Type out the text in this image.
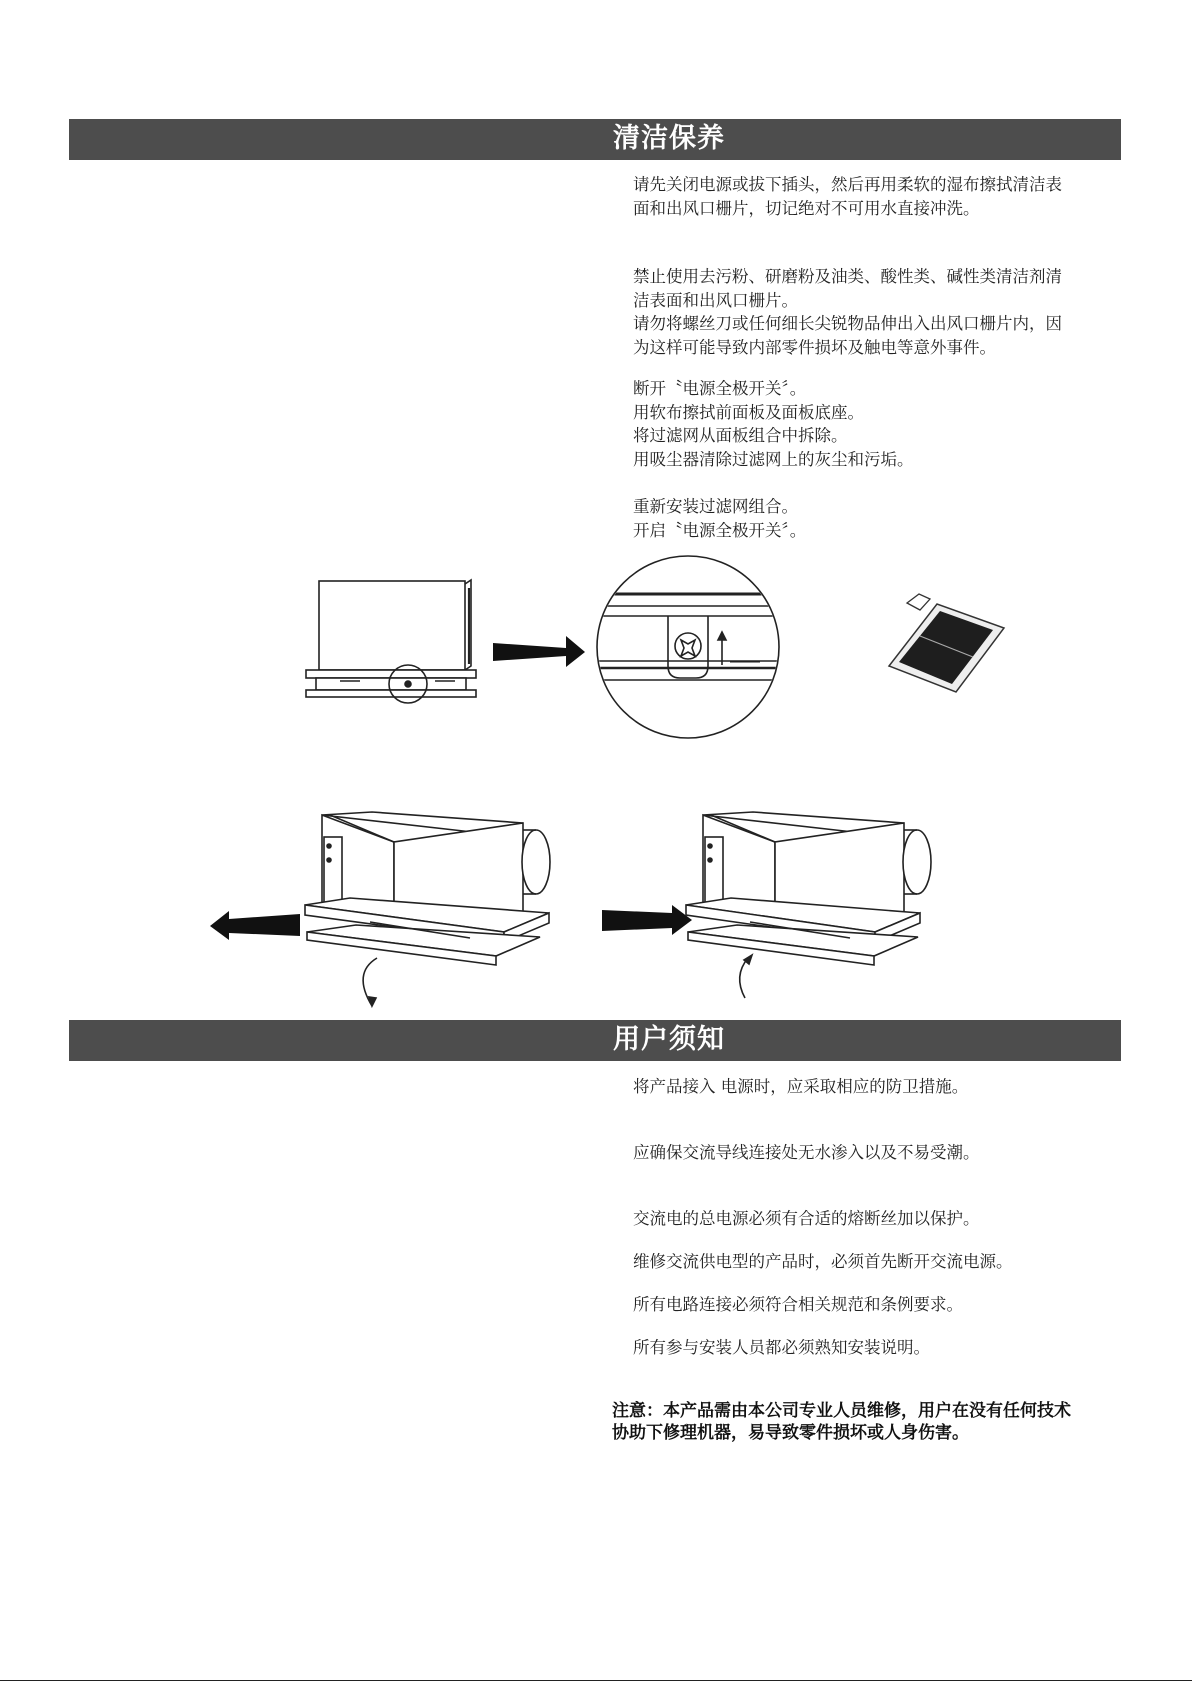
清洁保养
请先关闭电源或拔下插头，然后再用柔软的湿布擦拭清洁表
面和出风口栅片，切记绝对不可用水直接冲洗。
禁止使用去污粉、研磨粉及油类、酸性类、碱性类清洁剂清
洁表面和出风口栅片。
请勿将螺丝刀或任何细长尖锐物品伸出入出风口栅片内，因
为这样可能导致内部零件损坏及触电等意外事件。
断开〝电源全极开关〞。
用软布擦拭前面板及面板底座。
将过滤网从面板组合中拆除。
用吸尘器清除过滤网上的灰尘和污垢。
重新安装过滤网组合。
开启〝电源全极开关〞。
用户须知
将产品接入 电源时，应采取相应的防卫措施。
应确保交流导线连接处无水渗入以及不易受潮。
交流电的总电源必须有合适的熔断丝加以保护。
维修交流供电型的产品时，必须首先断开交流电源。
所有电路连接必须符合相关规范和条例要求。
所有参与安装人员都必须熟知安装说明。
注意：本产品需由本公司专业人员维修，用户在没有任何技术
协助下修理机器，易导致零件损坏或人身伤害。
